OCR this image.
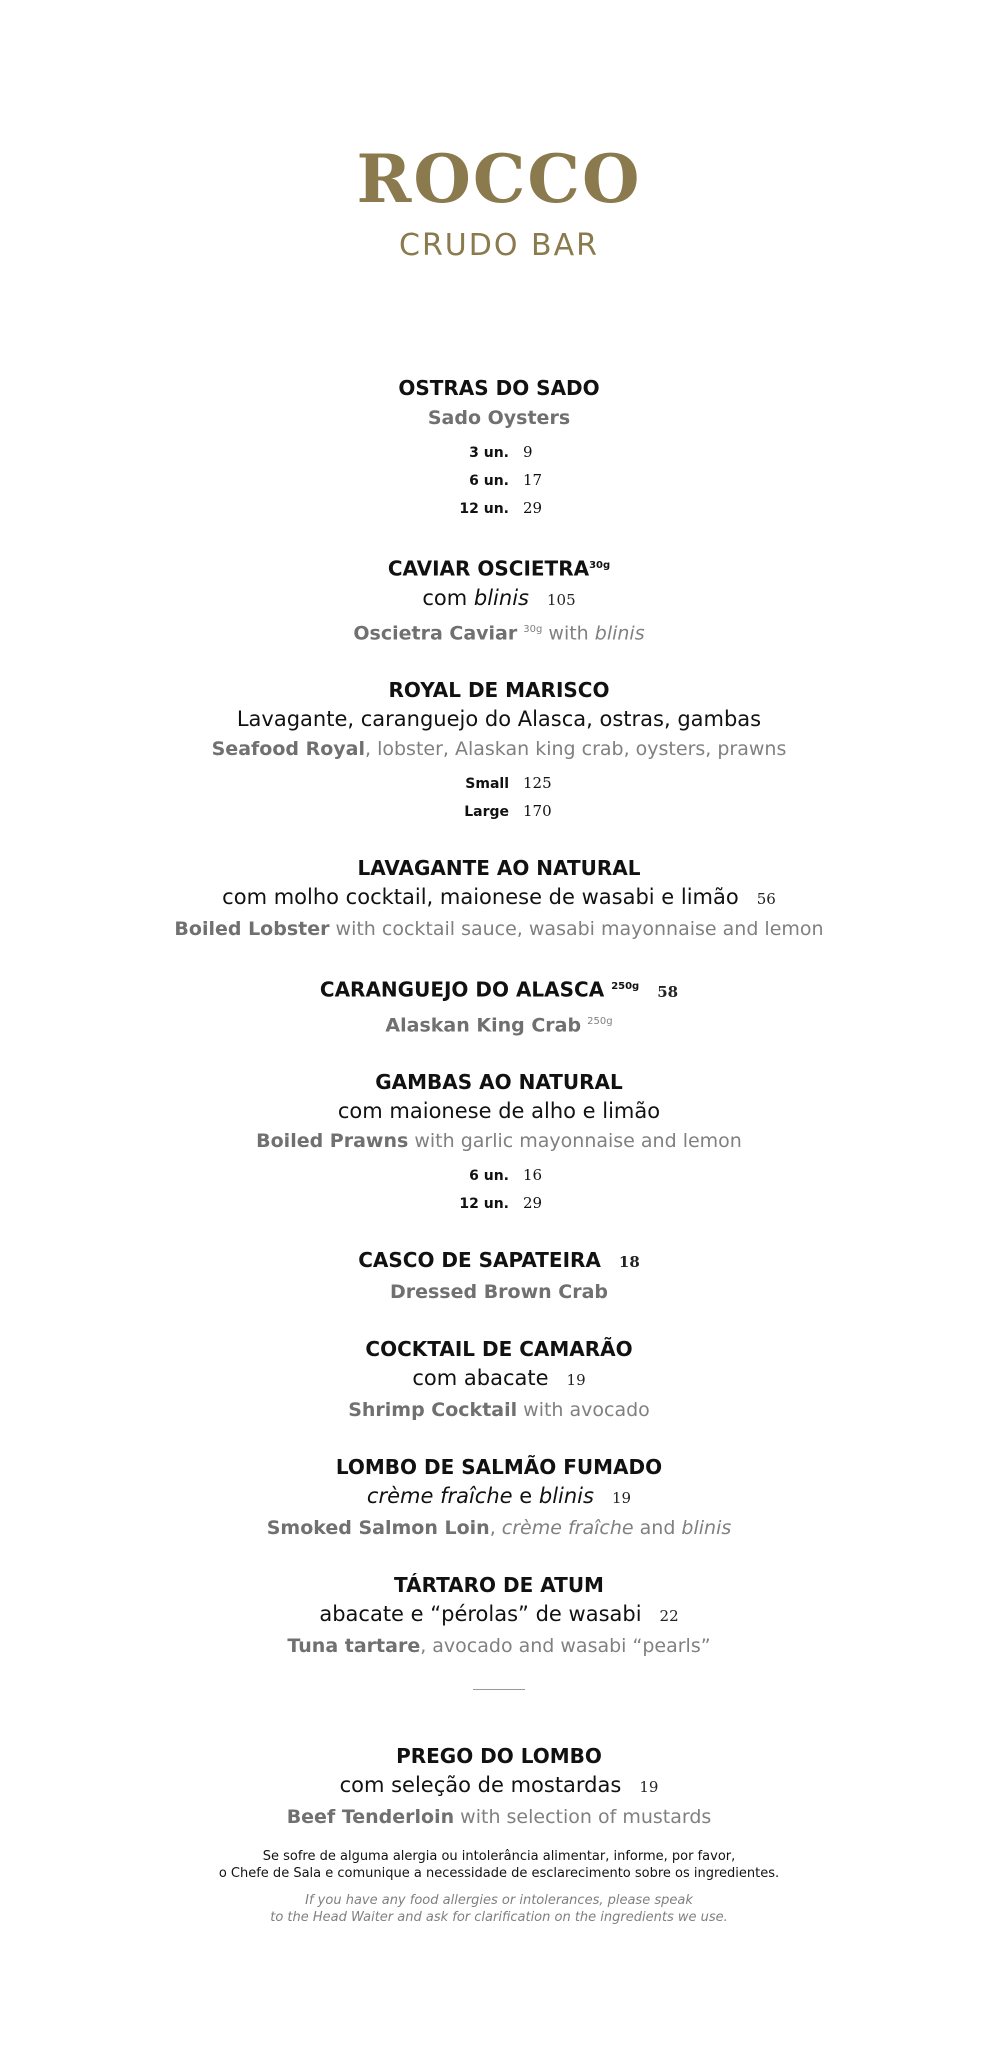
ROCCO
CRUDO BAR
OSTRAS DO SADO
Sado Oysters
3 un. 9
6 un. 17
12 un. 29
CAVIAR $OSCIETRA^{30g}$
com blinis 105
Oscietra Caviar $^{30g}$ with blinis
ROYAL DE MARISCO
Lavagante, caranguejo do Alasca, ostras, gambas
Seafood Royal, lobster, Alaskan king crab, oysters, prawns
Small 125
Large 170
LAVAGANTE AO NATURAL
com molho cocktail, maionese de wasabi e limão 56
Boiled Lobster with cocktail sauce, wasabi mayonnaise and lemon
CARANGUEJO DO ALASCA $^{250g}$ 58
Alaskan King Crab $^{250g}$
GAMBAS AO NATURAL
com maionese de alho e limão
Boiled Prawns with garlic mayonnaise and lemon
6 un. 16
12 un. 29
CASCO DE SAPATEIRA 18
Dressed Brown Crab
COCKTAIL DE CAMARÃO
com abacate 19
Shrimp Cocktail with avocado
LOMBO DE SALMÃO FUMADO
crème fraîche e blinis 19
Smoked Salmon Loin, crème fraîche and blinis
TÁRTARO DE ATUM
abacate e “pérolas” de wasabi 22
Tuna tartare, avocado and wasabi “pearls”
PREGO DO LOMBO
com seleção de mostardas 19
Beef Tenderloin with selection of mustards
Se sofre de alguma alergia ou intolerância alimentar, informe, por favor,
o Chefe de Sala e comunique a necessidade de esclarecimento sobre os ingredientes.
If you have any food allergies or intolerances, please speak
to the Head Waiter and ask for clarification on the ingredients we use.
